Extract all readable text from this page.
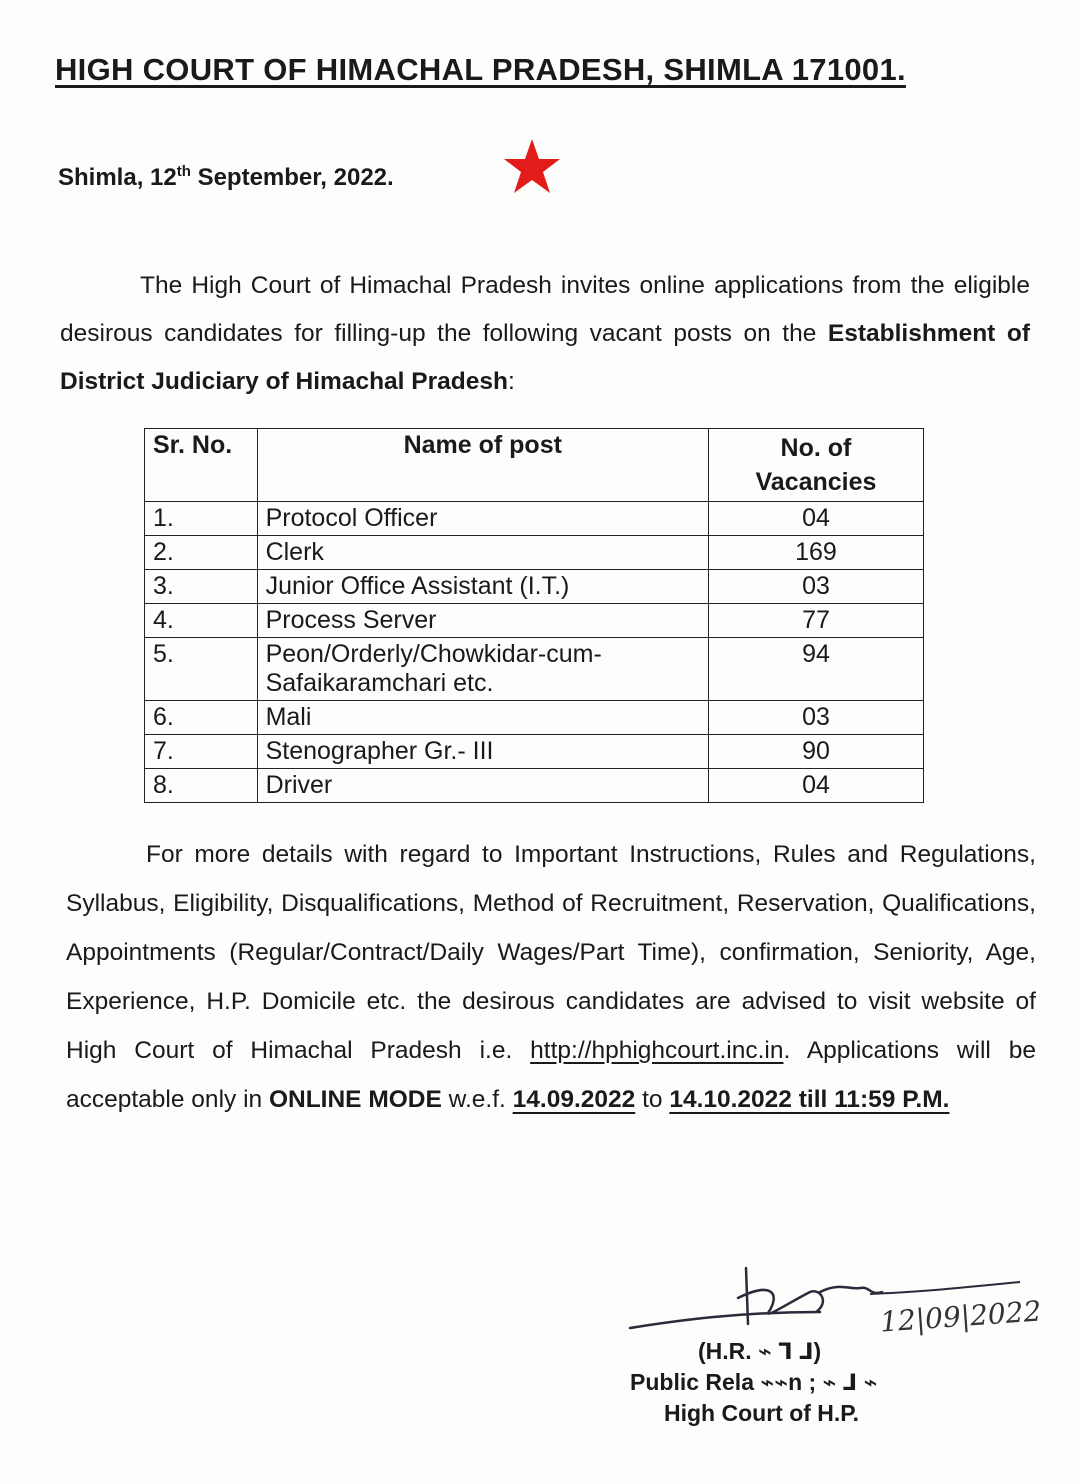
HIGH COURT OF HIMACHAL PRADESH, SHIMLA 171001.
Shimla, 12th September, 2022.
The High Court of Himachal Pradesh invites online applications from the eligible desirous candidates for filling-up the following vacant posts on the Establishment of District Judiciary of Himachal Pradesh:
Sr. No.	Name of post	No. of
Vacancies
1.	Protocol Officer	04
2.	Clerk	169
3.	Junior Office Assistant (I.T.)	03
4.	Process Server	77
5.	Peon/Orderly/Chowkidar-cum-
Safaikaramchari etc.	94
6.	Mali	03
7.	Stenographer Gr.- III	90
8.	Driver	04
For more details with regard to Important Instructions, Rules and Regulations, Syllabus, Eligibility, Disqualifications, Method of Recruitment, Reservation, Qualifications, Appointments (Regular/Contract/Daily Wages/Part Time), confirmation, Seniority, Age, Experience, H.P. Domicile etc. the desirous candidates are advised to visit website of High Court of Himachal Pradesh i.e. http://hphighcourt.inc.in. Applications will be acceptable only in ONLINE MODE w.e.f. 14.09.2022 to 14.10.2022 till 11:59 P.M.
12|09|2022
(H.R. ⌁ ᒣ ᒧ)
Public Rela ⌁⌁n ; ⌁ ᒧ ⌁
High Court of H.P.
